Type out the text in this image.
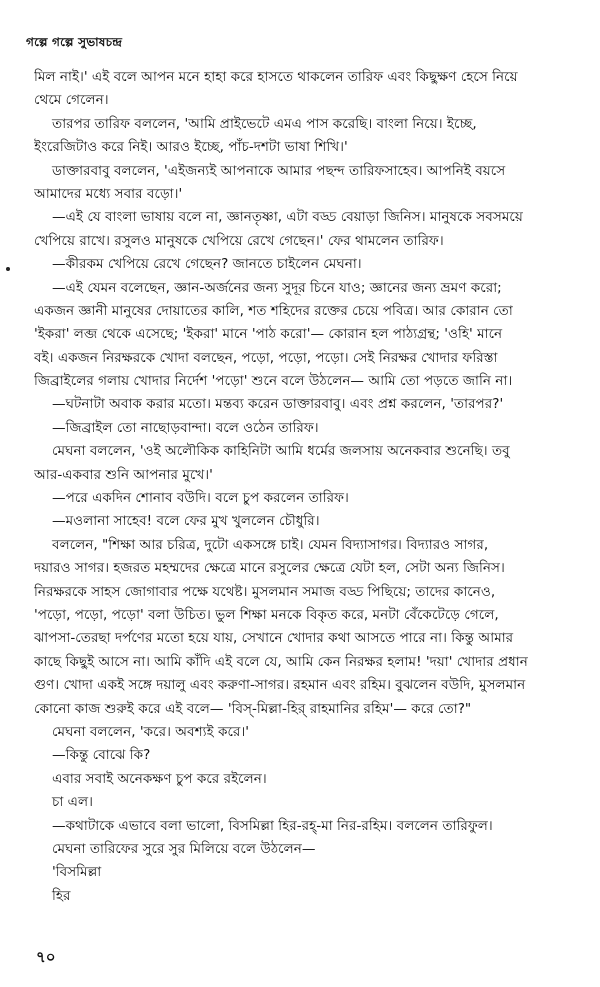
গল্পে গল্পে সুভাষচন্দ্র
মিল নাই।' এই বলে আপন মনে হাহা করে হাসতে থাকলেন তারিফ এবং কিছুক্ষণ হেসে নিয়ে
থেমে গেলেন।
তারপর তারিফ বললেন, 'আমি প্রাইভেটে এমএ পাস করেছি। বাংলা নিয়ে। ইচ্ছে,
ইংরেজিটাও করে নিই। আরও ইচ্ছে, পাঁচ-দশটা ভাষা শিখি।'
ডাক্তারবাবু বললেন, 'এইজন্যই আপনাকে আমার পছন্দ তারিফসাহেব। আপনিই বয়সে
আমাদের মধ্যে সবার বড়ো।'
—এই যে বাংলা ভাষায় বলে না, জ্ঞানতৃষ্ণা, এটা বড্ড বেয়াড়া জিনিস। মানুষকে সবসময়ে
খেপিয়ে রাখে। রসুলও মানুষকে খেপিয়ে রেখে গেছেন।' ফের থামলেন তারিফ।
—কীরকম খেপিয়ে রেখে গেছেন? জানতে চাইলেন মেঘনা।
—এই যেমন বলেছেন, জ্ঞান-অর্জনের জন্য সুদূর চিনে যাও; জ্ঞানের জন্য ভ্রমণ করো;
একজন জ্ঞানী মানুষের দোয়াতের কালি, শত শহিদের রক্তের চেয়ে পবিত্র। আর কোরান তো
'ইকরা' লব্জ থেকে এসেছে; 'ইকরা' মানে 'পাঠ করো'— কোরান হল পাঠ্যগ্রন্থ; 'ওহি' মানে
বই। একজন নিরক্ষরকে খোদা বলছেন, পড়ো, পড়ো, পড়ো। সেই নিরক্ষর খোদার ফরিস্তা
জিব্রাইলের গলায় খোদার নির্দেশ 'পড়ো' শুনে বলে উঠলেন— আমি তো পড়তে জানি না।
—ঘটনাটা অবাক করার মতো। মন্তব্য করেন ডাক্তারবাবু। এবং প্রশ্ন করলেন, 'তারপর?'
—জিব্রাইল তো নাছোড়বান্দা। বলে ওঠেন তারিফ।
মেঘনা বললেন, 'ওই অলৌকিক কাহিনিটা আমি ধর্মের জলসায় অনেকবার শুনেছি। তবু
আর-একবার শুনি আপনার মুখে।'
—পরে একদিন শোনাব বউদি। বলে চুপ করলেন তারিফ।
—মওলানা সাহেব! বলে ফের মুখ খুললেন চৌধুরি।
বললেন, "শিক্ষা আর চরিত্র, দুটো একসঙ্গে চাই। যেমন বিদ্যাসাগর। বিদ্যারও সাগর,
দয়ারও সাগর। হজরত মহম্মদের ক্ষেত্রে মানে রসুলের ক্ষেত্রে যেটা হল, সেটা অন্য জিনিস।
নিরক্ষরকে সাহস জোগাবার পক্ষে যথেষ্ট। মুসলমান সমাজ বড্ড পিছিয়ে; তাদের কানেও,
'পড়ো, পড়ো, পড়ো' বলা উচিত। ভুল শিক্ষা মনকে বিকৃত করে, মনটা বেঁকেটেড়ে গেলে,
ঝাপসা-তেরছা দর্পণের মতো হয়ে যায়, সেখানে খোদার কথা আসতে পারে না। কিন্তু আমার
কাছে কিছুই আসে না। আমি কাঁদি এই বলে যে, আমি কেন নিরক্ষর হলাম! 'দয়া' খোদার প্রধান
গুণ। খোদা একই সঙ্গে দয়ালু এবং করুণা-সাগর। রহমান এবং রহিম। বুঝলেন বউদি, মুসলমান
কোনো কাজ শুরুই করে এই বলে— 'বিস্-মিল্লা-হির্ রাহমানির রহিম'— করে তো?"
মেঘনা বললেন, 'করে। অবশ্যই করে।'
—কিন্তু বোঝে কি?
এবার সবাই অনেকক্ষণ চুপ করে রইলেন।
চা এল।
—কথাটাকে এভাবে বলা ভালো, বিসমিল্লা হির-রহ্-মা নির-রহিম। বললেন তারিফুল।
মেঘনা তারিফের সুরে সুর মিলিয়ে বলে উঠলেন—
'বিসমিল্লা
হির
৭০
